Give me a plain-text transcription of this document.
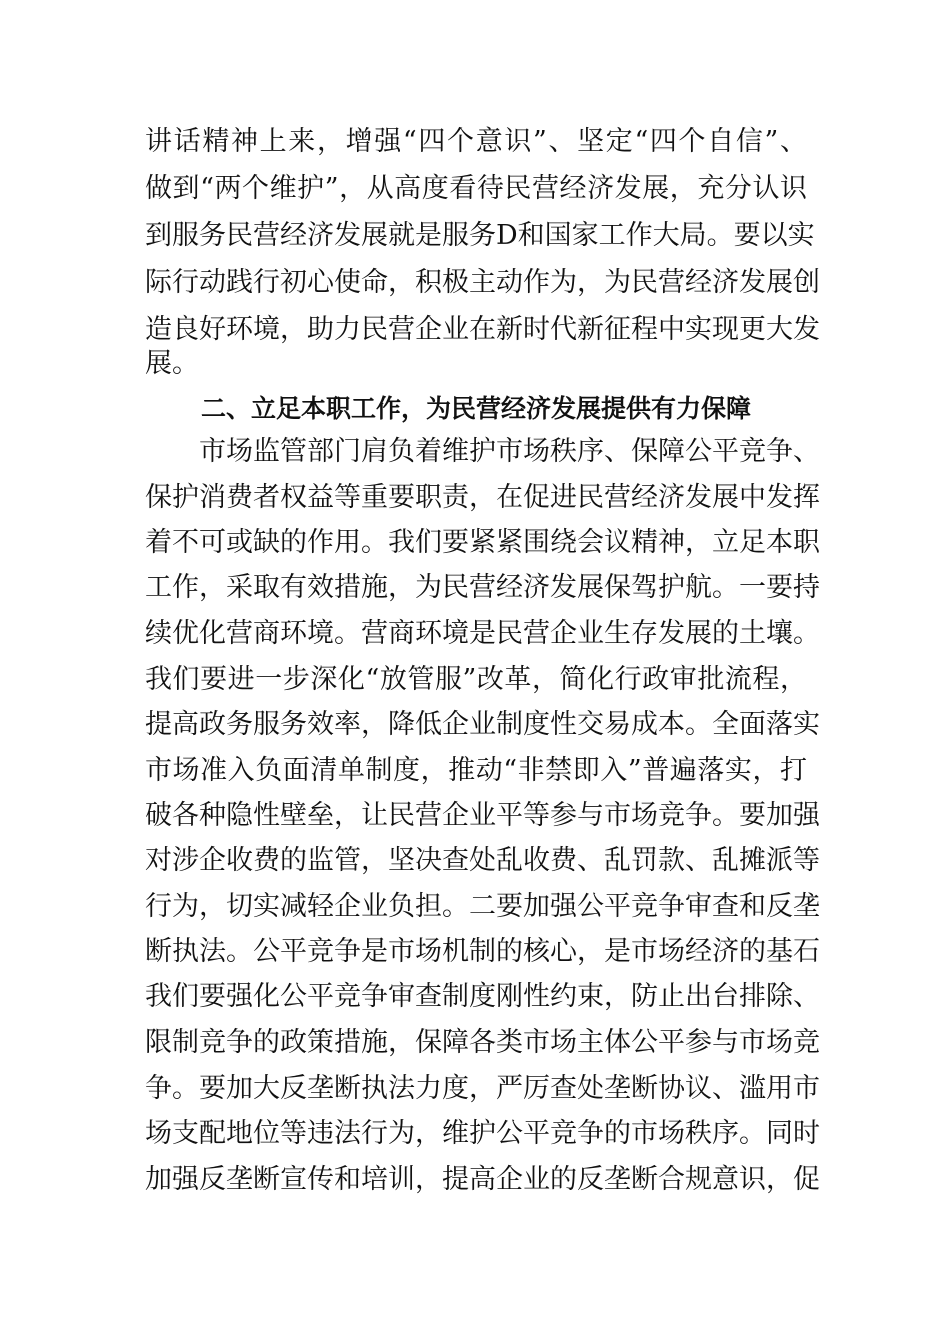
讲话精神上来，增强“四个意识”、坚定“四个自信”、
做到“两个维护”，从高度看待民营经济发展，充分认识
到服务民营经济发展就是服务D和国家工作大局。要以实
际行动践行初心使命，积极主动作为，为民营经济发展创
造良好环境，助力民营企业在新时代新征程中实现更大发
展。
二、立足本职工作，为民营经济发展提供有力保障
市场监管部门肩负着维护市场秩序、保障公平竞争、
保护消费者权益等重要职责，在促进民营经济发展中发挥
着不可或缺的作用。我们要紧紧围绕会议精神，立足本职
工作，采取有效措施，为民营经济发展保驾护航。一要持
续优化营商环境。营商环境是民营企业生存发展的土壤。
我们要进一步深化“放管服”改革，简化行政审批流程，
提高政务服务效率，降低企业制度性交易成本。全面落实
市场准入负面清单制度，推动“非禁即入”普遍落实，打
破各种隐性壁垒，让民营企业平等参与市场竞争。要加强
对涉企收费的监管，坚决查处乱收费、乱罚款、乱摊派等
行为，切实减轻企业负担。二要加强公平竞争审查和反垄
断执法。公平竞争是市场机制的核心，是市场经济的基石
我们要强化公平竞争审查制度刚性约束，防止出台排除、
限制竞争的政策措施，保障各类市场主体公平参与市场竞
争。要加大反垄断执法力度，严厉查处垄断协议、滥用市
场支配地位等违法行为，维护公平竞争的市场秩序。同时
加强反垄断宣传和培训，提高企业的反垄断合规意识，促
